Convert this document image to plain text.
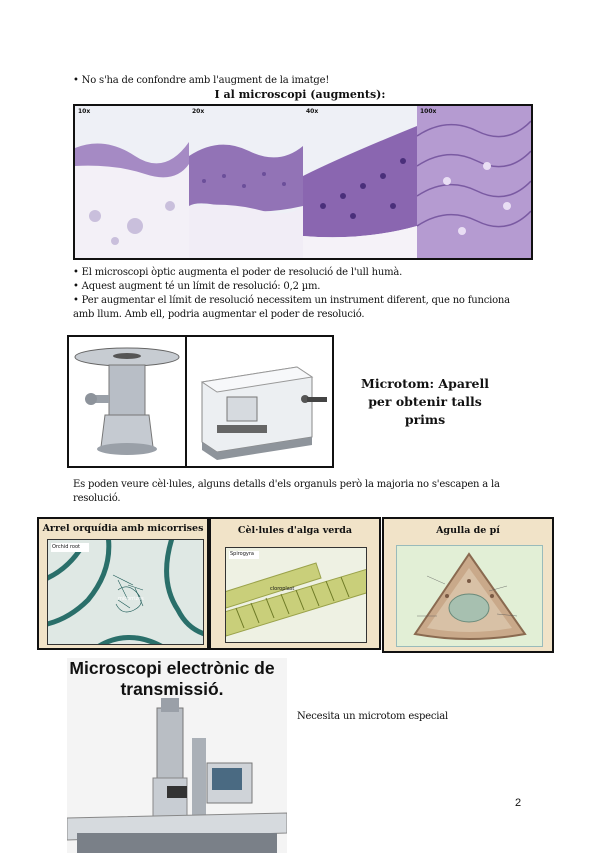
• No s'ha de confondre amb l'augment de la imatge!
I al microscopi (augments):
10x	20x	40x	100x
• El microscopi òptic augmenta el poder de resolució de l'ull humà.
• Aquest augment té un límit de resolució: 0,2 µm.
• Per augmentar el límit de resolució necessitem un instrument diferent, que no funciona amb llum. Amb ell, podria augmentar el poder de resolució.
Microtom: Aparell per obtenir talls prims
Es poden veure cèl·lules, alguns detalls d'els organuls però la majoria no s'escapen a la resolució.
Arrel orquídia amb micorrises
Orchid root
micorrizes
Cèl·lules d'alga verda
Spirogyra
cloroplast
Agulla de pí
Microscopi electrònic de transmissió.
Necesita un microtom especial
2
